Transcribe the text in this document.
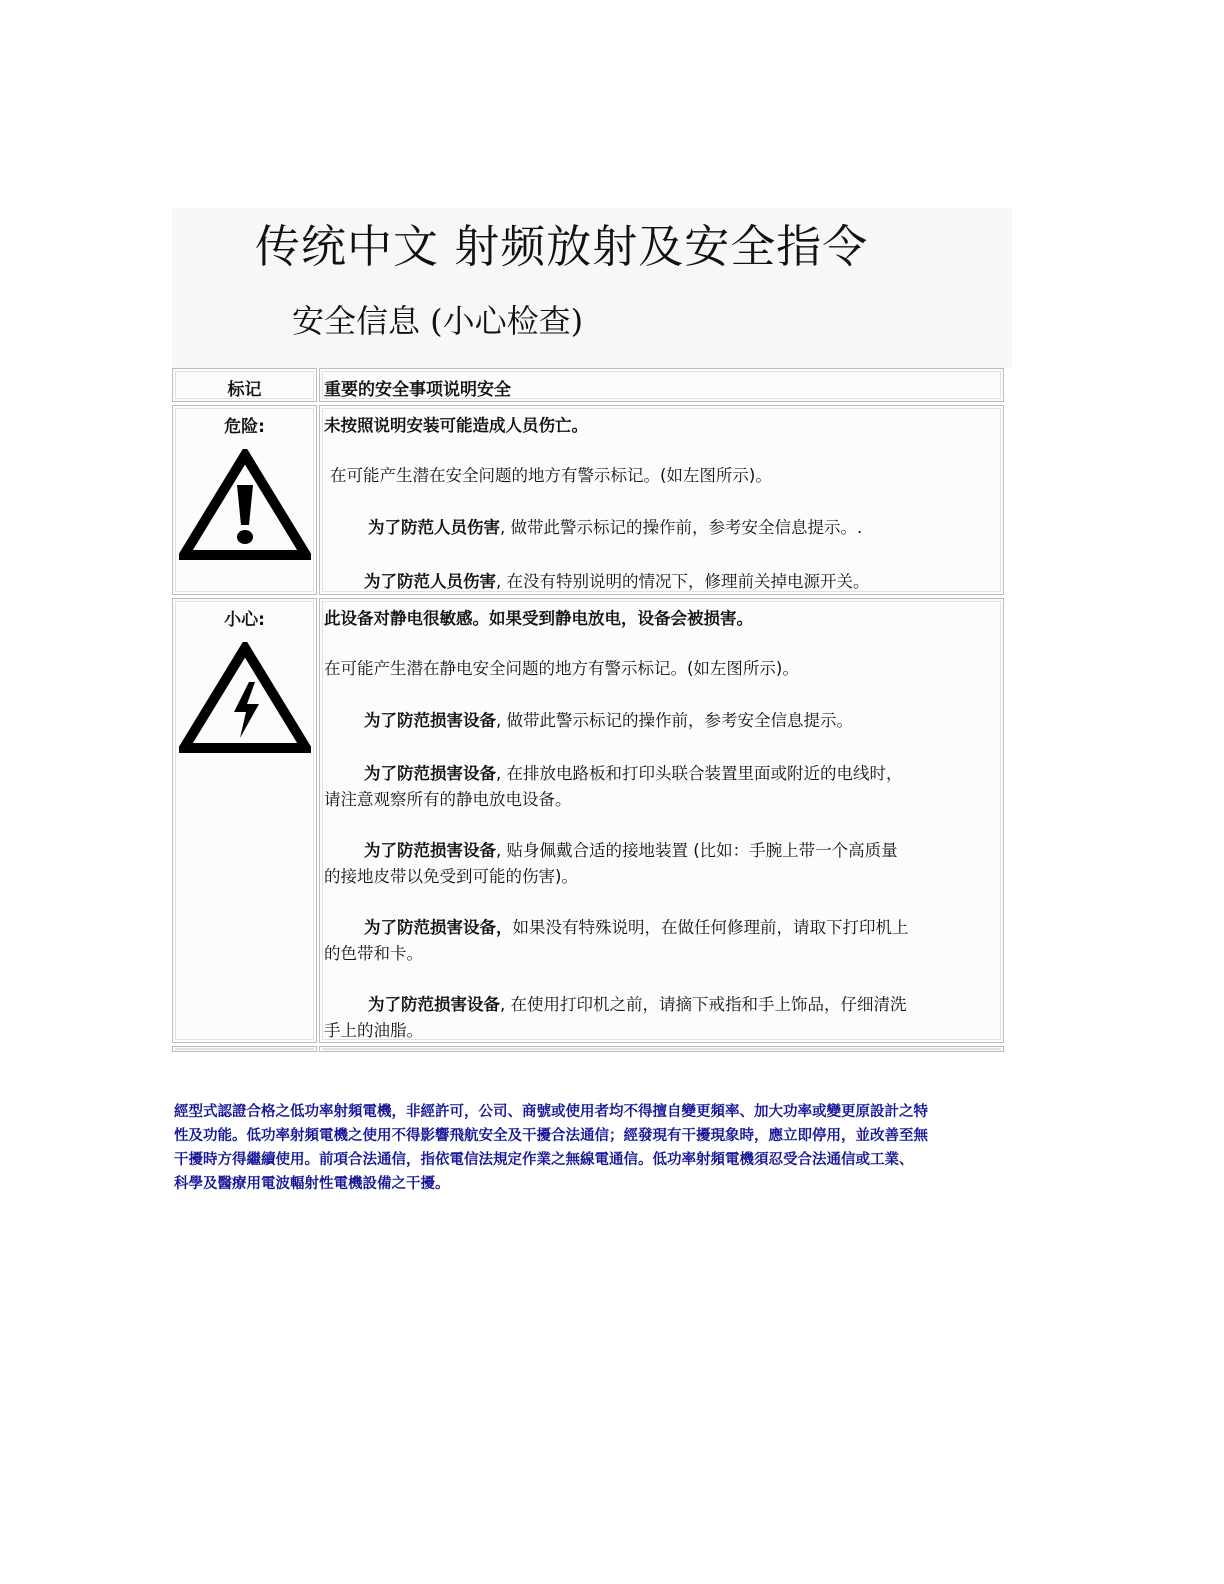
传统中文 射频放射及安全指令
安全信息 (小心检查)
标记	重要的安全事项说明安全
危险:	未按照说明安装可能造成人员伤亡。
在可能产生潜在安全问题的地方有警示标记。(如左图所示)。
为了防范人员伤害, 做带此警示标记的操作前，参考安全信息提示。.
为了防范人员伤害, 在没有特别说明的情况下，修理前关掉电源开关。
小心:	此设备对静电很敏感。如果受到静电放电，设备会被损害。
在可能产生潜在静电安全问题的地方有警示标记。(如左图所示)。
为了防范损害设备, 做带此警示标记的操作前，参考安全信息提示。
为了防范损害设备, 在排放电路板和打印头联合装置里面或附近的电线时，
请注意观察所有的静电放电设备。
为了防范损害设备, 贴身佩戴合适的接地装置 (比如：手腕上带一个高质量
的接地皮带以免受到可能的伤害)。
为了防范损害设备，如果没有特殊说明，在做任何修理前，请取下打印机上
的色带和卡。
为了防范损害设备, 在使用打印机之前，请摘下戒指和手上饰品，仔细清洗
手上的油脂。

經型式認證合格之低功率射頻電機，非經許可，公司、商號或使用者均不得擅自變更頻率、加大功率或變更原設計之特

性及功能。低功率射頻電機之使用不得影響飛航安全及干擾合法通信；經發現有干擾現象時，應立即停用，並改善至無

干擾時方得繼續使用。前項合法通信，指依電信法規定作業之無線電通信。低功率射頻電機須忍受合法通信或工業、

科學及醫療用電波輻射性電機設備之干擾。
